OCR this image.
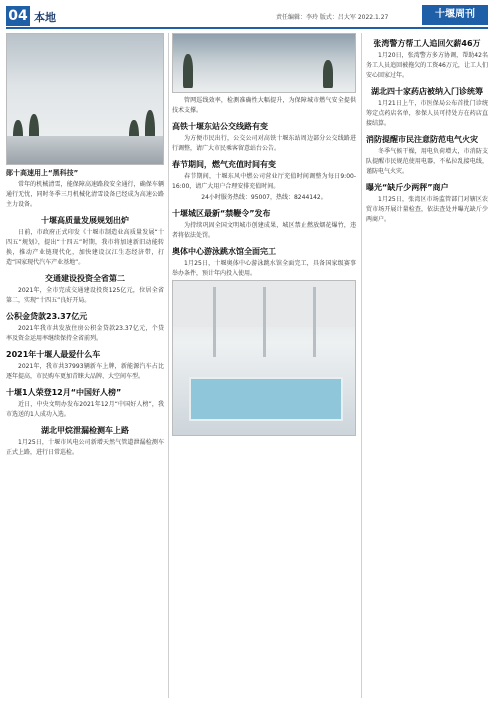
04 本地	责任编辑：李玲 版式：吕大军 2022.1.27	十堰周刊
郧十高速用上“黑科技”

常年的机械清雪，能保障高速路段安全通行，确保车辆通行无忧，同时冬季三月机械化清雪设备已经成为高速公路主力设备。

十堰高质量发展规划出炉

日前，市政府正式印发《十堰市制造业高质量发展“十四五”规划》，提出“十四五”时期，我市将加速新旧动能转换，推动产业链现代化，加快建设汉江生态经济带，打造“国家现代汽车产业基地”。

交通建设投资全省第二

2021年，全市完成交通建设投资125亿元，位居全省第二，实现“十四五”良好开局。

公积金贷款23.37亿元

2021年我市共发放住房公积金贷款23.37亿元，个贷率及资金运用率继续保持全省前列。

2021年十堰人最爱什么车

2021年，我市共37993辆新车上牌，新能源汽车占比逐年提高，市民购车更加青睐大品牌、大空间车型。

十堰1人荣登12月“中国好人榜”

近日，中央文明办发布2021年12月“中国好人榜”，我市选送的1人成功入选。

湖北甲烷泄漏检测车上路

1月25日，十堰市风电公司新增天然气管道泄漏检测车正式上路，进行日常巡检。

管网巡线效率，检测准确性大幅提升，为保障城市燃气安全提供技术支撑。

高铁十堰东站公交线路有变

为方便市民出行，公交公司对高铁十堰东站周边部分公交线路进行调整，请广大市民乘客留意站台公告。

春节期间，燃气充值时间有变

春节期间，十堰东风中燃公司营业厅充值时间调整为每日9:00-16:00，请广大用户合理安排充值时间。

24小时服务热线：95007，热线：8244142。

十堰城区最新“禁鞭令”发布

为持续巩固全国文明城市创建成果，城区禁止燃放烟花爆竹，违者将依法处罚。

奥体中心游泳跳水馆全面完工

1月25日，十堰奥体中心游泳跳水馆全面完工，具备国家级赛事举办条件，预计年内投入使用。

张湾警方帮工人追回欠薪46万

1月20日，张湾警方多方协调，帮助42名务工人员追回被拖欠的工资46万元，让工人们安心回家过年。

湖北四十家药店被纳入门诊统筹

1月21日上午，市医保局公布首批门诊统筹定点药店名单，参保人员可持处方在药店直接结算。

消防提醒市民注意防范电气火灾

冬季气候干燥，用电负荷增大，市消防支队提醒市民规范使用电器，不私拉乱接电线，谨防电气火灾。

曝光“缺斤少两秤”商户

1月25日，张湾区市场监管部门对辖区农贸市场开展计量检查，依法查处并曝光缺斤少两商户。
